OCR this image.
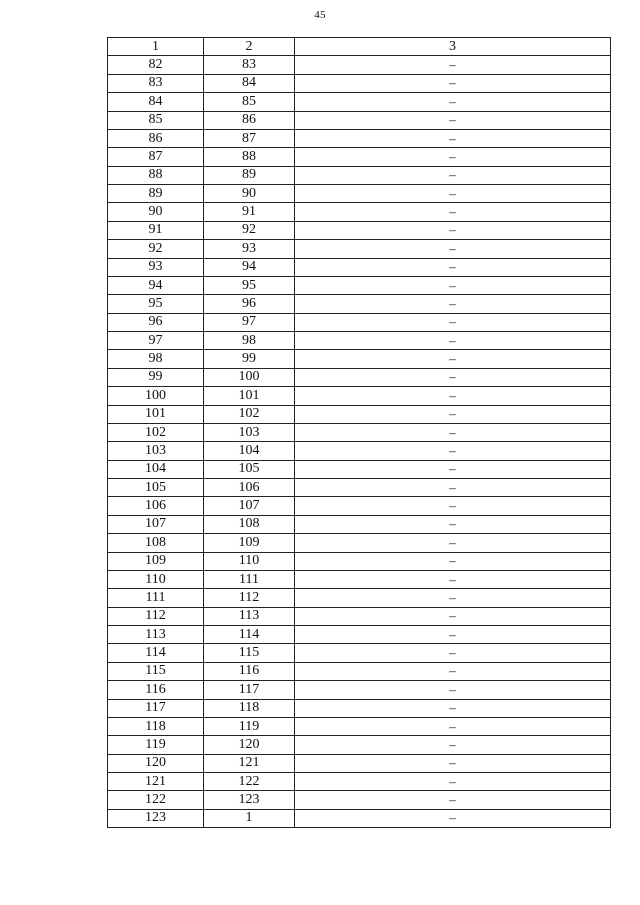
45
1	2	3
82	83	–
83	84	–
84	85	–
85	86	–
86	87	–
87	88	–
88	89	–
89	90	–
90	91	–
91	92	–
92	93	–
93	94	–
94	95	–
95	96	–
96	97	–
97	98	–
98	99	–
99	100	–
100	101	–
101	102	–
102	103	–
103	104	–
104	105	–
105	106	–
106	107	–
107	108	–
108	109	–
109	110	–
110	111	–
111	112	–
112	113	–
113	114	–
114	115	–
115	116	–
116	117	–
117	118	–
118	119	–
119	120	–
120	121	–
121	122	–
122	123	–
123	1	–
